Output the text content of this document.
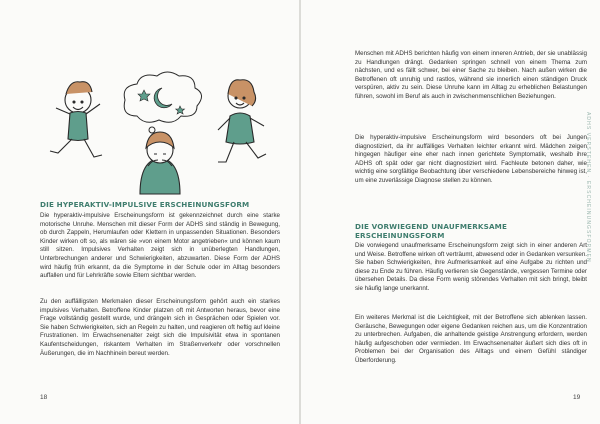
DIE HYPERAKTIV-IMPULSIVE ERSCHEINUNGSFORM

Die hyperaktiv-impulsive Erscheinungsform ist gekennzeichnet durch eine starke motorische Unruhe. Menschen mit dieser Form der ADHS sind ständig in Bewegung, ob durch Zappeln, Herumlaufen oder Klettern in unpassenden Situationen. Besonders Kinder wirken oft so, als wären sie »von einem Motor angetrieben« und können kaum still sitzen. Impulsives Verhalten zeigt sich in unüberlegten Handlungen, Unterbrechungen anderer und Schwierigkeiten, abzuwarten. Diese Form der ADHS wird häufig früh erkannt, da die Symptome in der Schule oder im Alltag besonders auffallen und für Lehrkräfte sowie Eltern sichtbar werden.

Zu den auffälligsten Merkmalen dieser Erscheinungsform gehört auch ein starkes impulsives Verhalten. Betroffene Kinder platzen oft mit Antworten heraus, bevor eine Frage vollständig gestellt wurde, und drängeln sich in Gesprächen oder Spielen vor. Sie haben Schwierigkeiten, sich an Regeln zu halten, und reagieren oft heftig auf kleine Frustrationen. Im Erwachsenenalter zeigt sich die Impulsivität etwa in spontanen Kaufentscheidungen, riskantem Verhalten im Straßenverkehr oder vorschnellen Äußerungen, die im Nachhinein bereut werden.

18

Menschen mit ADHS berichten häufig von einem inneren Antrieb, der sie unablässig zu Handlungen drängt. Gedanken springen schnell von einem Thema zum nächsten, und es fällt schwer, bei einer Sache zu bleiben. Nach außen wirken die Betroffenen oft unruhig und rastlos, während sie innerlich einen ständigen Druck verspüren, aktiv zu sein. Diese Unruhe kann im Alltag zu erheblichen Belastungen führen, sowohl im Beruf als auch in zwischenmenschlichen Beziehungen.

Die hyperaktiv-impulsive Erscheinungsform wird besonders oft bei Jungen diagnostiziert, da ihr auffälliges Verhalten leichter erkannt wird. Mädchen zeigen hingegen häufiger eine eher nach innen gerichtete Symptomatik, weshalb ihre ADHS oft spät oder gar nicht diagnostiziert wird. Fachleute betonen daher, wie wichtig eine sorgfältige Beobachtung über verschiedene Lebensbereiche hinweg ist, um eine zuverlässige Diagnose stellen zu können.

DIE VORWIEGEND UNAUFMERKSAME ERSCHEINUNGSFORM

Die vorwiegend unaufmerksame Erscheinungsform zeigt sich in einer anderen Art und Weise. Betroffene wirken oft verträumt, abwesend oder in Gedanken versunken. Sie haben Schwierigkeiten, ihre Aufmerksamkeit auf eine Aufgabe zu richten und diese zu Ende zu führen. Häufig verlieren sie Gegenstände, vergessen Termine oder übersehen Details. Da diese Form wenig störendes Verhalten mit sich bringt, bleibt sie häufig lange unerkannt.

Ein weiteres Merkmal ist die Leichtigkeit, mit der Betroffene sich ablenken lassen. Geräusche, Bewegungen oder eigene Gedanken reichen aus, um die Konzentration zu unterbrechen. Aufgaben, die anhaltende geistige Anstrengung erfordern, werden häufig aufgeschoben oder vermieden. Im Erwachsenenalter äußert sich dies oft in Problemen bei der Organisation des Alltags und einem Gefühl ständiger Überforderung.

19
ADHS VERSTEHEN · ERSCHEINUNGSFORMEN
